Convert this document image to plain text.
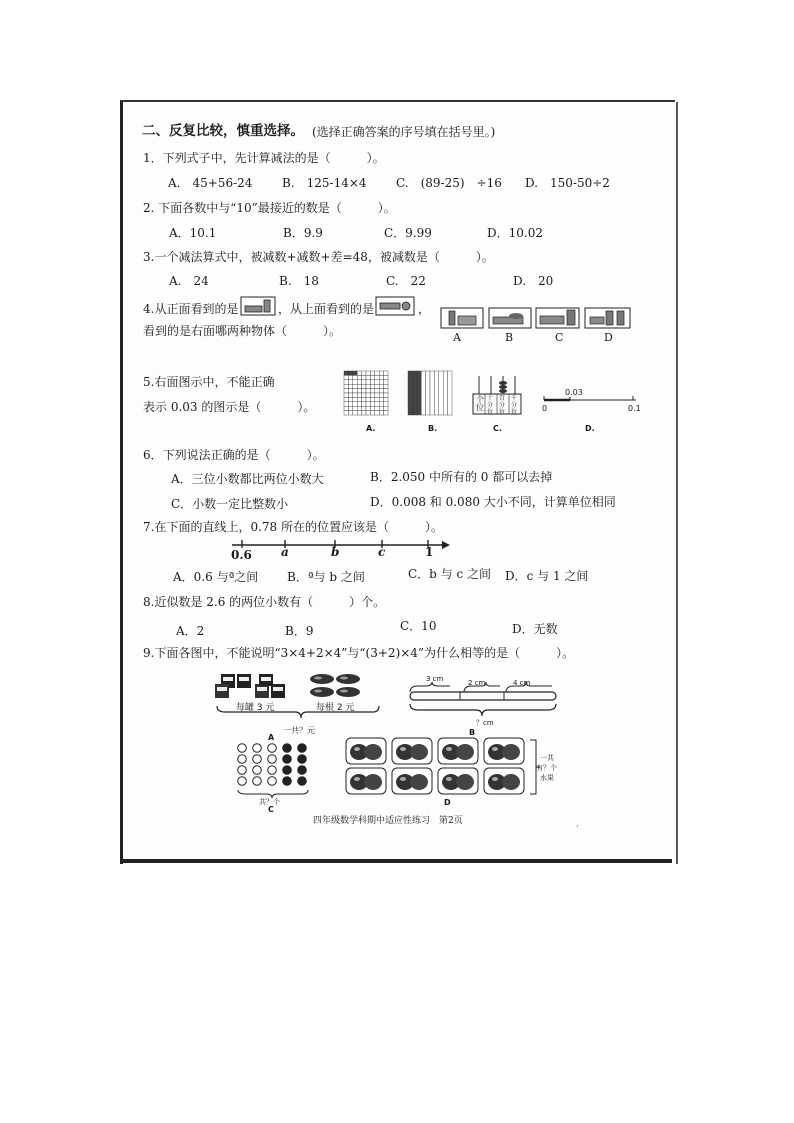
二、反复比较，慎重选择。 (选择正确答案的序号填在括号里。)
1．下列式子中，先计算减法的是（　　　）。
A.　45+56-24 B.　125-14×4 C.　(89-25)　÷16 D.　150-50÷2
2. 下面各数中与“10”最接近的数是（　　　）。
A．10.1	B．9.9	C．9.99	D．10.02
3.一个减法算式中，被减数+减数+差=48，被减数是（　　　）。
A.　24	B.　18	C.　22	D.　20
4.从正面看到的是	，从上面看到的是	，
看到的是右面哪两种物体（　　　）。	A	B	C	D
5.右面图示中，不能正确
表示 0.03 的图示是（　　　）。
个位
十分位
百分位
千分位
0.03
0	0.1
A.	B.	C.	D.
6．下列说法正确的是（　　　）。
A．三位小数都比两位小数大	B．2.050 中所有的 0 都可以去掉
C．小数一定比整数小	D．0.008 和 0.080 大小不同，计算单位相同
7.在下面的直线上，0.78 所在的位置应该是（　　　）。
0.6 a	b	c	1
A．0.6 与ª之间 B．ª与 b 之间	C．b 与 c 之间 D．c 与 1 之间
8.近似数是 2.6 的两位小数有（　　　）个。
A．2	B．9	C．10	D．无数
9.下面各图中，不能说明“3×4+2×4”与“(3+2)×4”为什么相等的是（　　　）。
每罐 3 元	每根 2 元
一共？元
A
3 cm	2 cm	4 cm
？cm
B
共？个
C
一共
有？个
水果
D
四年级数学科期中适应性练习　第2页
·
